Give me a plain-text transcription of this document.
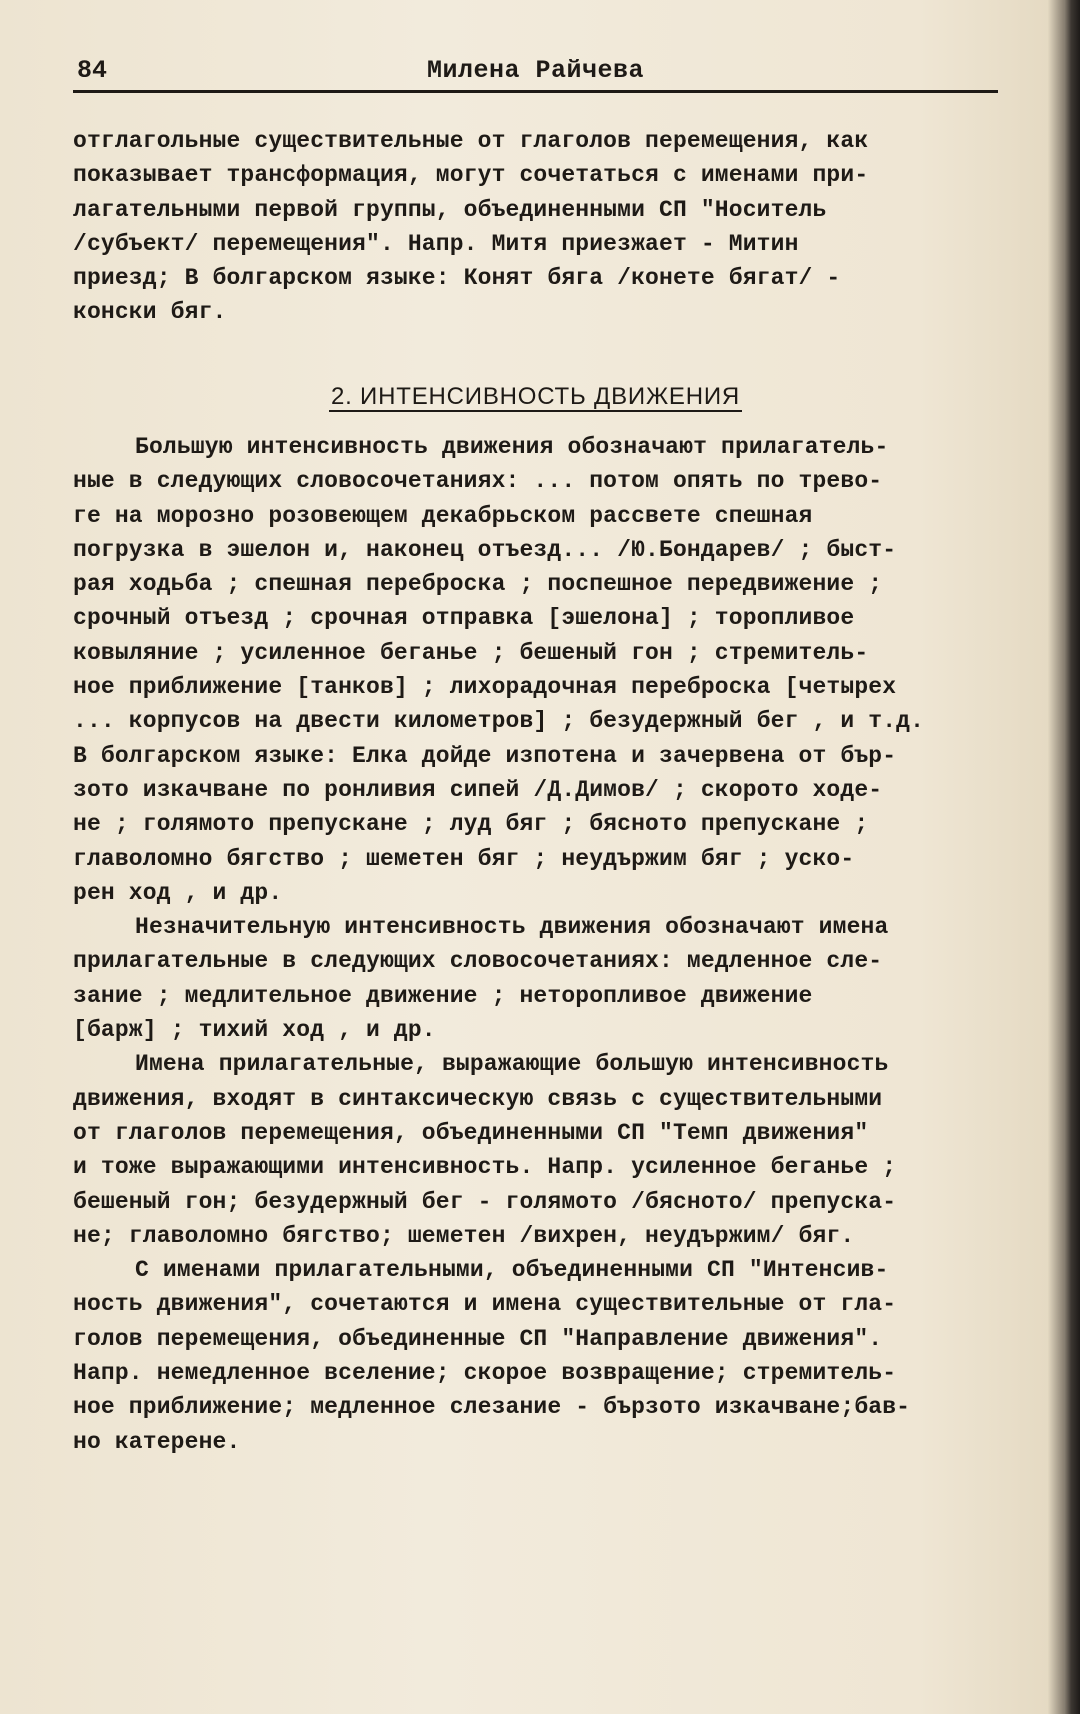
84	Милена Райчева
отглагольные существительные от глаголов перемещения, как
показывает трансформация, могут сочетаться с именами при-
лагательными первой группы, объединенными СП "Носитель
/субъект/ перемещения". Напр. Митя приезжает - Митин
приезд; В болгарском языке: Конят бяга /конете бягат/ -
конски бяг.
2. ИНТЕНСИВНОСТЬ ДВИЖЕНИЯ
Большую интенсивность движения обозначают прилагатель-
ные в следующих словосочетаниях: ... потом опять по трево-
ге на морозно розовеющем декабрьском рассвете спешная
погрузка в эшелон и, наконец отъезд... /Ю.Бондарев/ ; быст-
рая ходьба ; спешная переброска ; поспешное передвижение ;
срочный отъезд ; срочная отправка [эшелона] ; торопливое
ковыляние ; усиленное беганье ; бешеный гон ; стремитель-
ное приближение [танков] ; лихорадочная переброска [четырех
... корпусов на двести километров] ; безудержный бег , и т.д.
В болгарском языке: Елка дойде изпотена и зачервена от бър-
зото изкачване по ронливия сипей /Д.Димов/ ; скорото ходе-
не ; голямото препускане ; луд бяг ; бясното препускане ;
главоломно бягство ; шеметен бяг ; неудържим бяг ; уско-
рен ход , и др.
Незначительную интенсивность движения обозначают имена
прилагательные в следующих словосочетаниях: медленное сле-
зание ; медлительное движение ; неторопливое движение
[барж] ; тихий ход , и др.
Имена прилагательные, выражающие большую интенсивность
движения, входят в синтаксическую связь с существительными
от глаголов перемещения, объединенными СП "Темп движения"
и тоже выражающими интенсивность. Напр. усиленное беганье ;
бешеный гон; безудержный бег - голямото /бясното/ препуска-
не; главоломно бягство; шеметен /вихрен, неудържим/ бяг.
С именами прилагательными, объединенными СП "Интенсив-
ность движения", сочетаются и имена существительные от гла-
голов перемещения, объединенные СП "Направление движения".
Напр. немедленное вселение; скорое возвращение; стремитель-
ное приближение; медленное слезание - бързото изкачване;бав-
но катерене.
